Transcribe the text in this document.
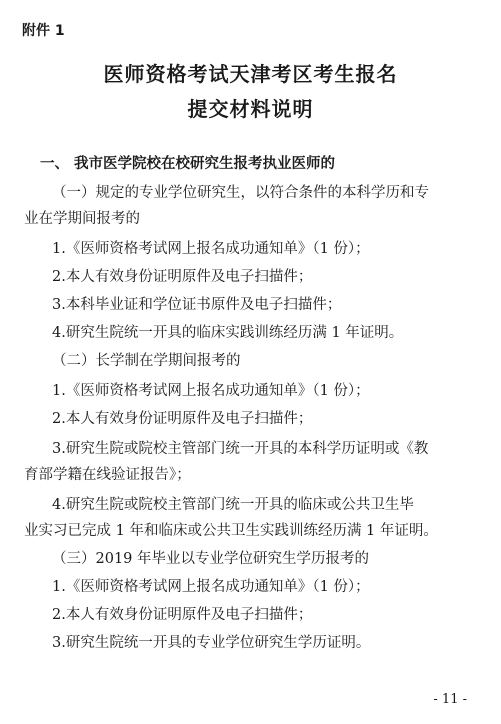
附件 1
医师资格考试天津考区考生报名
提交材料说明
一、 我市医学院校在校研究生报考执业医师的
（一）规定的专业学位研究生，以符合条件的本科学历和专
业在学期间报考的
1.《医师资格考试网上报名成功通知单》（1 份）；
2.本人有效身份证明原件及电子扫描件；
3.本科毕业证和学位证书原件及电子扫描件；
4.研究生院统一开具的临床实践训练经历满 1 年证明。
（二）长学制在学期间报考的
1.《医师资格考试网上报名成功通知单》（1 份）；
2.本人有效身份证明原件及电子扫描件；
3.研究生院或院校主管部门统一开具的本科学历证明或《教
育部学籍在线验证报告》；
4.研究生院或院校主管部门统一开具的临床或公共卫生毕
业实习已完成 1 年和临床或公共卫生实践训练经历满 1 年证明。
（三）2019 年毕业以专业学位研究生学历报考的
1.《医师资格考试网上报名成功通知单》（1 份）；
2.本人有效身份证明原件及电子扫描件；
3.研究生院统一开具的专业学位研究生学历证明。
- 11 -
